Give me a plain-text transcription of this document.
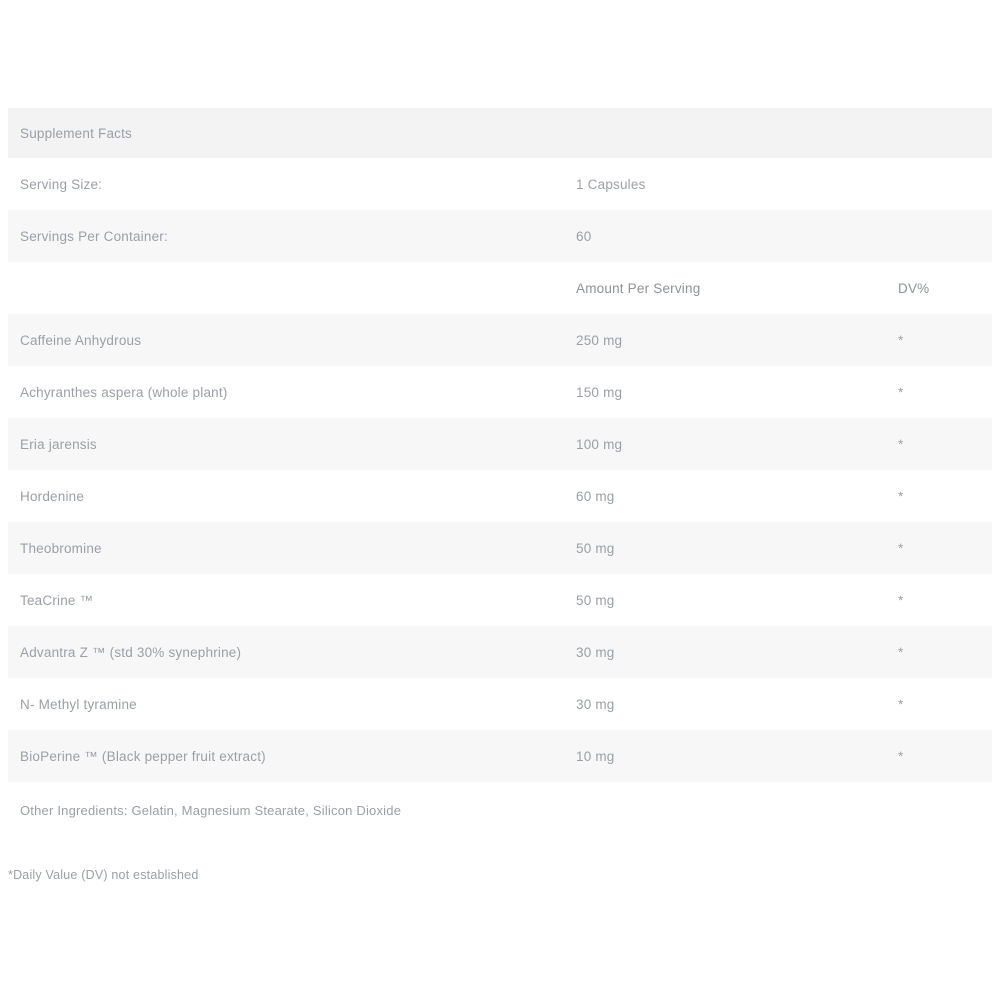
Supplement Facts		
Serving Size:	1 Capsules	
Servings Per Container:	60	
	Amount Per Serving	DV%
Caffeine Anhydrous	250 mg	*
Achyranthes aspera (whole plant)	150 mg	*
Eria jarensis	100 mg	*
Hordenine	60 mg	*
Theobromine	50 mg	*
TeaCrine ™	50 mg	*
Advantra Z ™ (std 30% synephrine)	30 mg	*
N- Methyl tyramine	30 mg	*
BioPerine ™ (Black pepper fruit extract)	10 mg	*
Other Ingredients: Gelatin, Magnesium Stearate, Silicon Dioxide		
*Daily Value (DV) not established
